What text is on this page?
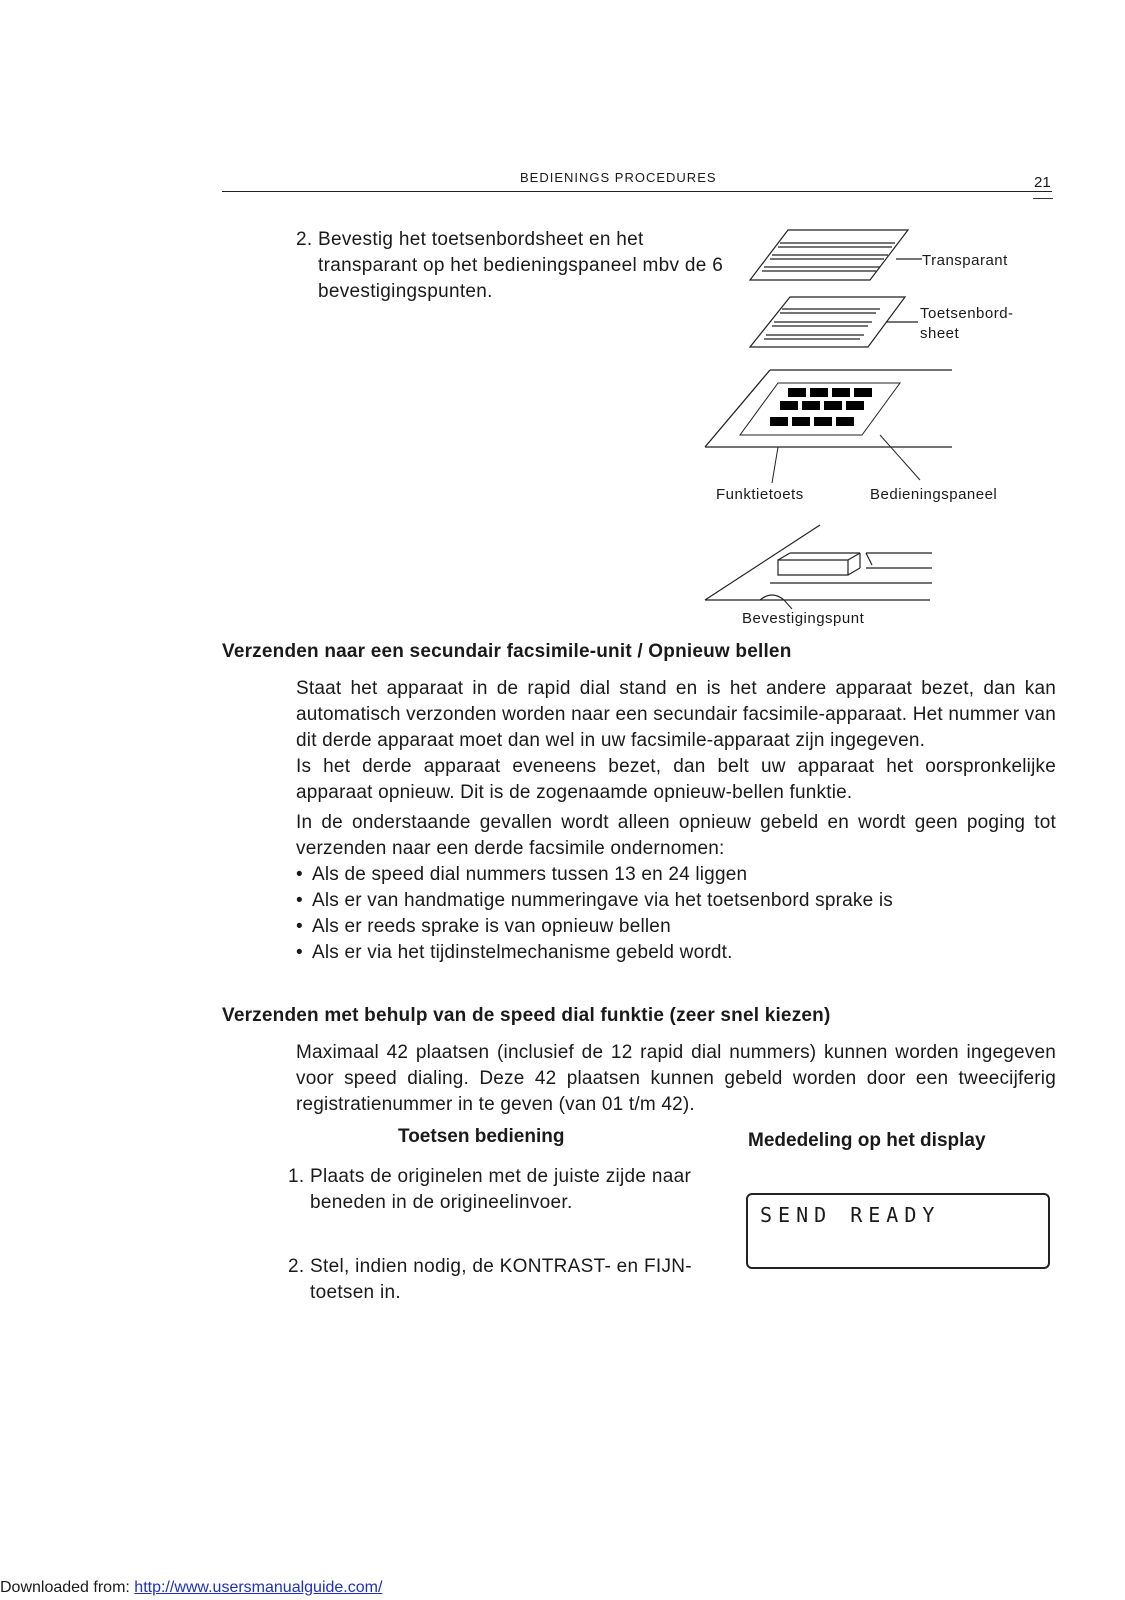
BEDIENINGS PROCEDURES	21
2. Bevestig het toetsenbordsheet en het transparant op het bedieningspaneel mbv de 6 bevestigingspunten.
Transparant
Toetsenbord-
sheet
Funktietoets	Bedieningspaneel
Bevestigingspunt
Verzenden naar een secundair facsimile-unit / Opnieuw bellen

Staat het apparaat in de rapid dial stand en is het andere apparaat bezet, dan kan automatisch verzonden worden naar een secundair facsimile-apparaat. Het nummer van dit derde apparaat moet dan wel in uw facsimile-apparaat zijn ingegeven.

Is het derde apparaat eveneens bezet, dan belt uw apparaat het oorspronkelijke apparaat opnieuw. Dit is de zogenaamde opnieuw-bellen funktie.

In de onderstaande gevallen wordt alleen opnieuw gebeld en wordt geen poging tot verzenden naar een derde facsimile ondernomen:

• Als de speed dial nummers tussen 13 en 24 liggen
• Als er van handmatige nummeringave via het toetsenbord sprake is
• Als er reeds sprake is van opnieuw bellen
• Als er via het tijdinstelmechanisme gebeld wordt.
Verzenden met behulp van de speed dial funktie (zeer snel kiezen)
Maximaal 42 plaatsen (inclusief de 12 rapid dial nummers) kunnen worden ingegeven voor speed dialing. Deze 42 plaatsen kunnen gebeld worden door een tweecijferig registratienummer in te geven (van 01 t/m 42).
Toetsen bediening	Mededeling op het display
1. Plaats de originelen met de juiste zijde naar beneden in de origineelinvoer.
SEND READY
2. Stel, indien nodig, de KONTRAST- en FIJN-toetsen in.
Downloaded from: http://www.usersmanualguide.com/
